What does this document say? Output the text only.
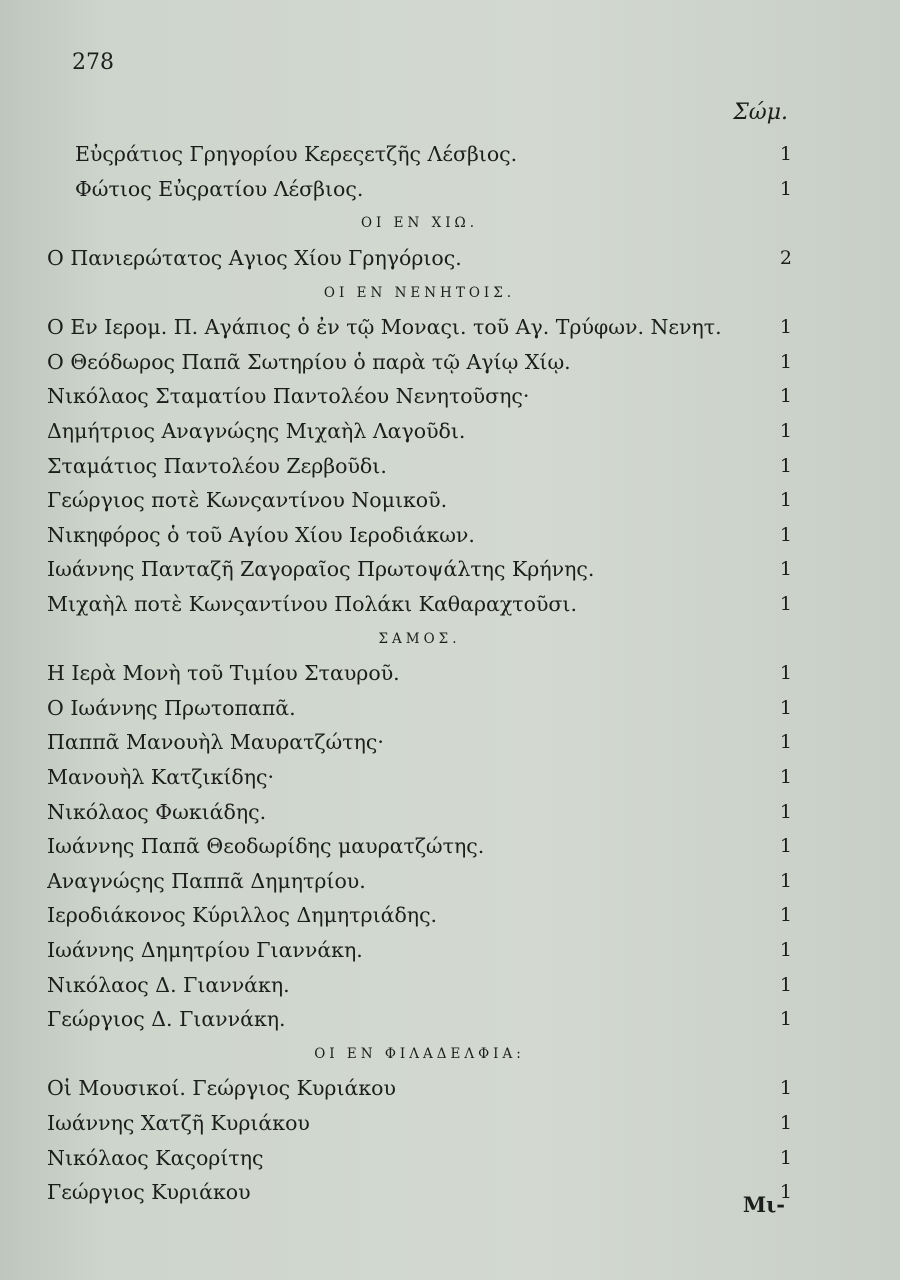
278
Σώμ.
Εὐςράτιος Γρηγορίου Κερεςετζῆς Λέσβιος.	1
Φώτιος Εὐςρατίου Λέσβιος.	1
ΟΙ ΕΝ ΧΙΩ.
Ο Πανιερώτατος Αγιος Χίου Γρηγόριος.	2
ΟΙ ΕΝ ΝΕΝΗΤΟΙΣ.
Ο Εν Ιερομ. Π. Αγάπιος ὁ ἐν τῷ Μοναςι. τοῦ Αγ. Τρύφων. Νενητ.	1
Ο Θεόδωρος Παπᾶ Σωτηρίου ὁ παρὰ τῷ Αγίῳ Χίῳ.	1
Νικόλαος Σταματίου Παντολέου Νενητοῦσης·	1
Δημήτριος Αναγνώςης Μιχαὴλ Λαγοῦδι.	1
Σταμάτιος Παντολέου Ζερβοῦδι.	1
Γεώργιος ποτὲ Κωνςαντίνου Νομικοῦ.	1
Νικηφόρος ὁ τοῦ Αγίου Χίου Ιεροδιάκων.	1
Ιωάννης Πανταζῆ Ζαγοραῖος Πρωτοψάλτης Κρήνης.	1
Μιχαὴλ ποτὲ Κωνςαντίνου Πολάκι Καθαραχτοῦσι.	1
ΣΑΜΟΣ.
Η Ιερὰ Μονὴ τοῦ Τιμίου Σταυροῦ.	1
Ο Ιωάννης Πρωτοπαπᾶ.	1
Παππᾶ Μανουὴλ Μαυρατζώτης·	1
Μανουὴλ Κατζικίδης·	1
Νικόλαος Φωκιάδης.	1
Ιωάννης Παπᾶ Θεοδωρίδης μαυρατζώτης.	1
Αναγνώςης Παππᾶ Δημητρίου.	1
Ιεροδιάκονος Κύριλλος Δημητριάδης.	1
Ιωάννης Δημητρίου Γιαννάκη.	1
Νικόλαος Δ. Γιαννάκη.	1
Γεώργιος Δ. Γιαννάκη.	1
ΟΙ ΕΝ ΦΙΛΑΔΕΛΦΙΑ:
Οἱ Μουσικοί. Γεώργιος Κυριάκου	1
Ιωάννης Χατζῆ Κυριάκου	1
Νικόλαος Καςορίτης	1
Γεώργιος Κυριάκου	1
Μι-
